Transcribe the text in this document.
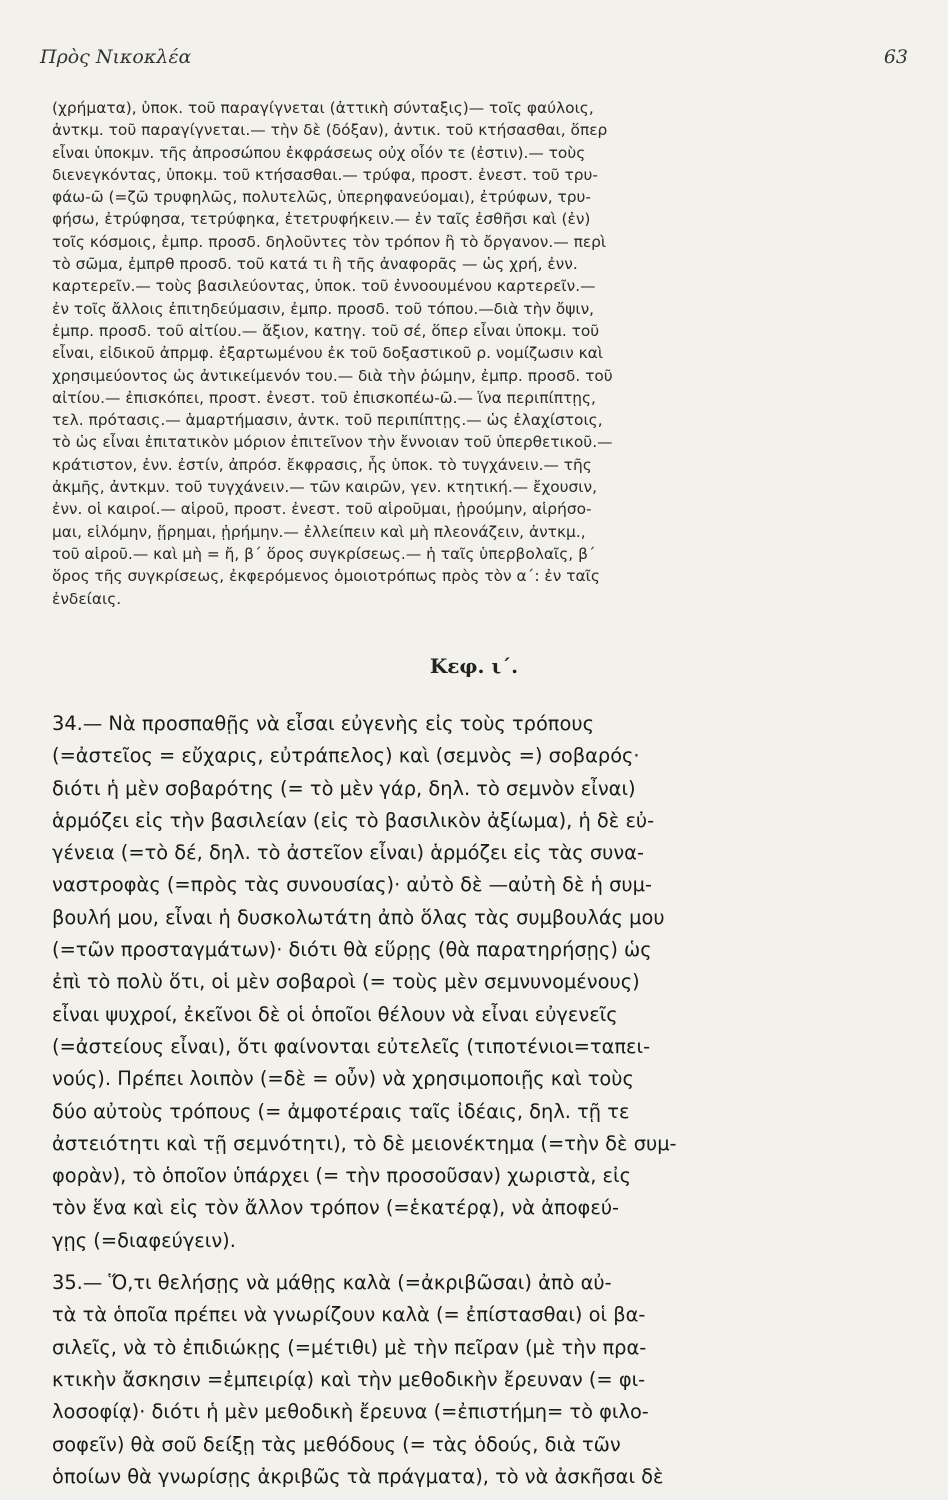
Πρὸς Νικοκλέα	63
(χρήματα), ὑποκ. τοῦ παραγίγνεται (ἀττικὴ σύνταξις)— τοῖς φαύλοις,
ἀντκμ. τοῦ παραγίγνεται.— τὴν δὲ (δόξαν), ἀντικ. τοῦ κτήσασθαι, ὅπερ
εἶναι ὑποκμν. τῆς ἀπροσώπου ἐκφράσεως οὐχ οἷόν τε (ἐστιν).— τοὺς
διενεγκόντας, ὑποκμ. τοῦ κτήσασθαι.— τρύφα, προστ. ἐνεστ. τοῦ τρυ-
φάω-ῶ (=ζῶ τρυφηλῶς, πολυτελῶς, ὑπερηφανεύομαι), ἐτρύφων, τρυ-
φήσω, ἐτρύφησα, τετρύφηκα, ἐτετρυφήκειν.— ἐν ταῖς ἐσθῆσι καὶ (ἐν)
τοῖς κόσμοις, ἐμπρ. προσδ. δηλοῦντες τὸν τρόπον ἢ τὸ ὄργανον.— περὶ
τὸ σῶμα, ἐμπρθ προσδ. τοῦ κατά τι ἢ τῆς ἀναφορᾶς — ὡς χρή, ἐνν.
καρτερεῖν.— τοὺς βασιλεύοντας, ὑποκ. τοῦ ἐννοουμένου καρτερεῖν.—
ἐν τοῖς ἄλλοις ἐπιτηδεύμασιν, ἐμπρ. προσδ. τοῦ τόπου.—διὰ τὴν ὄψιν,
ἐμπρ. προσδ. τοῦ αἰτίου.— ἄξιον, κατηγ. τοῦ σέ, ὅπερ εἶναι ὑποκμ. τοῦ
εἶναι, εἰδικοῦ ἀπρμφ. ἐξαρτωμένου ἐκ τοῦ δοξαστικοῦ ρ. νομίζωσιν καὶ
χρησιμεύοντος ὡς ἀντικείμενόν του.— διὰ τὴν ῥώμην, ἐμπρ. προσδ. τοῦ
αἰτίου.— ἐπισκόπει, προστ. ἐνεστ. τοῦ ἐπισκοπέω-ῶ.— ἵνα περιπίπτῃς,
τελ. πρότασις.— ἁμαρτήμασιν, ἀντκ. τοῦ περιπίπτῃς.— ὡς ἐλαχίστοις,
τὸ ὡς εἶναι ἐπιτατικὸν μόριον ἐπιτεῖνον τὴν ἔννοιαν τοῦ ὑπερθετικοῦ.—
κράτιστον, ἐνν. ἐστίν, ἀπρόσ. ἔκφρασις, ἧς ὑποκ. τὸ τυγχάνειν.— τῆς
ἀκμῆς, ἀντκμν. τοῦ τυγχάνειν.— τῶν καιρῶν, γεν. κτητική.— ἔχουσιν,
ἐνν. οἱ καιροί.— αἱροῦ, προστ. ἐνεστ. τοῦ αἱροῦμαι, ᾑρούμην, αἱρήσο-
μαι, εἱλόμην, ᾕρημαι, ᾑρήμην.— ἐλλείπειν καὶ μὴ πλεονάζειν, ἀντκμ.,
τοῦ αἱροῦ.— καὶ μὴ = ἤ, β΄ ὅρος συγκρίσεως.— ἡ ταῖς ὑπερβολαῖς, β΄
ὅρος τῆς συγκρίσεως, ἐκφερόμενος ὁμοιοτρόπως πρὸς τὸν α΄: ἐν ταῖς
ἐνδείαις.
Κεφ. ι΄.
34.— Νὰ προσπαθῇς νὰ εἶσαι εὐγενὴς εἰς τοὺς τρόπους
(=ἀστεῖος = εὔχαρις, εὐτράπελος) καὶ (σεμνὸς =) σοβαρός·
διότι ἡ μὲν σοβαρότης (= τὸ μὲν γάρ, δηλ. τὸ σεμνὸν εἶναι)
ἁρμόζει εἰς τὴν βασιλείαν (εἰς τὸ βασιλικὸν ἀξίωμα), ἡ δὲ εὐ-
γένεια (=τὸ δέ, δηλ. τὸ ἀστεῖον εἶναι) ἁρμόζει εἰς τὰς συνα-
ναστροφὰς (=πρὸς τὰς συνουσίας)· αὐτὸ δὲ —αὐτὴ δὲ ἡ συμ-
βουλή μου, εἶναι ἡ δυσκολωτάτη ἀπὸ ὅλας τὰς συμβουλάς μου
(=τῶν προσταγμάτων)· διότι θὰ εὕρῃς (θὰ παρατηρήσῃς) ὡς
ἐπὶ τὸ πολὺ ὅτι, οἱ μὲν σοβαροὶ (= τοὺς μὲν σεμνυνομένους)
εἶναι ψυχροί, ἐκεῖνοι δὲ οἱ ὁποῖοι θέλουν νὰ εἶναι εὐγενεῖς
(=ἀστείους εἶναι), ὅτι φαίνονται εὐτελεῖς (τιποτένιοι=ταπει-
νούς). Πρέπει λοιπὸν (=δὲ = οὖν) νὰ χρησιμοποιῇς καὶ τοὺς
δύο αὐτοὺς τρόπους (= ἀμφοτέραις ταῖς ἰδέαις, δηλ. τῇ τε
ἀστειότητι καὶ τῇ σεμνότητι), τὸ δὲ μειονέκτημα (=τὴν δὲ συμ-
φορὰν), τὸ ὁποῖον ὑπάρχει (= τὴν προσοῦσαν) χωριστὰ, εἰς
τὸν ἕνα καὶ εἰς τὸν ἄλλον τρόπον (=ἑκατέρᾳ), νὰ ἀποφεύ-
γῃς (=διαφεύγειν).
35.— Ὅ,τι θελήσῃς νὰ μάθῃς καλὰ (=ἀκριβῶσαι) ἀπὸ αὐ-
τὰ τὰ ὁποῖα πρέπει νὰ γνωρίζουν καλὰ (= ἐπίστασθαι) οἱ βα-
σιλεῖς, νὰ τὸ ἐπιδιώκῃς (=μέτιθι) μὲ τὴν πεῖραν (μὲ τὴν πρα-
κτικὴν ἄσκησιν =ἐμπειρίᾳ) καὶ τὴν μεθοδικὴν ἔρευναν (= φι-
λοσοφίᾳ)· διότι ἡ μὲν μεθοδικὴ ἔρευνα (=ἐπιστήμη= τὸ φιλο-
σοφεῖν) θὰ σοῦ δείξῃ τὰς μεθόδους (= τὰς ὁδούς, διὰ τῶν
ὁποίων θὰ γνωρίσῃς ἀκριβῶς τὰ πράγματα), τὸ νὰ ἀσκῆσαι δὲ
